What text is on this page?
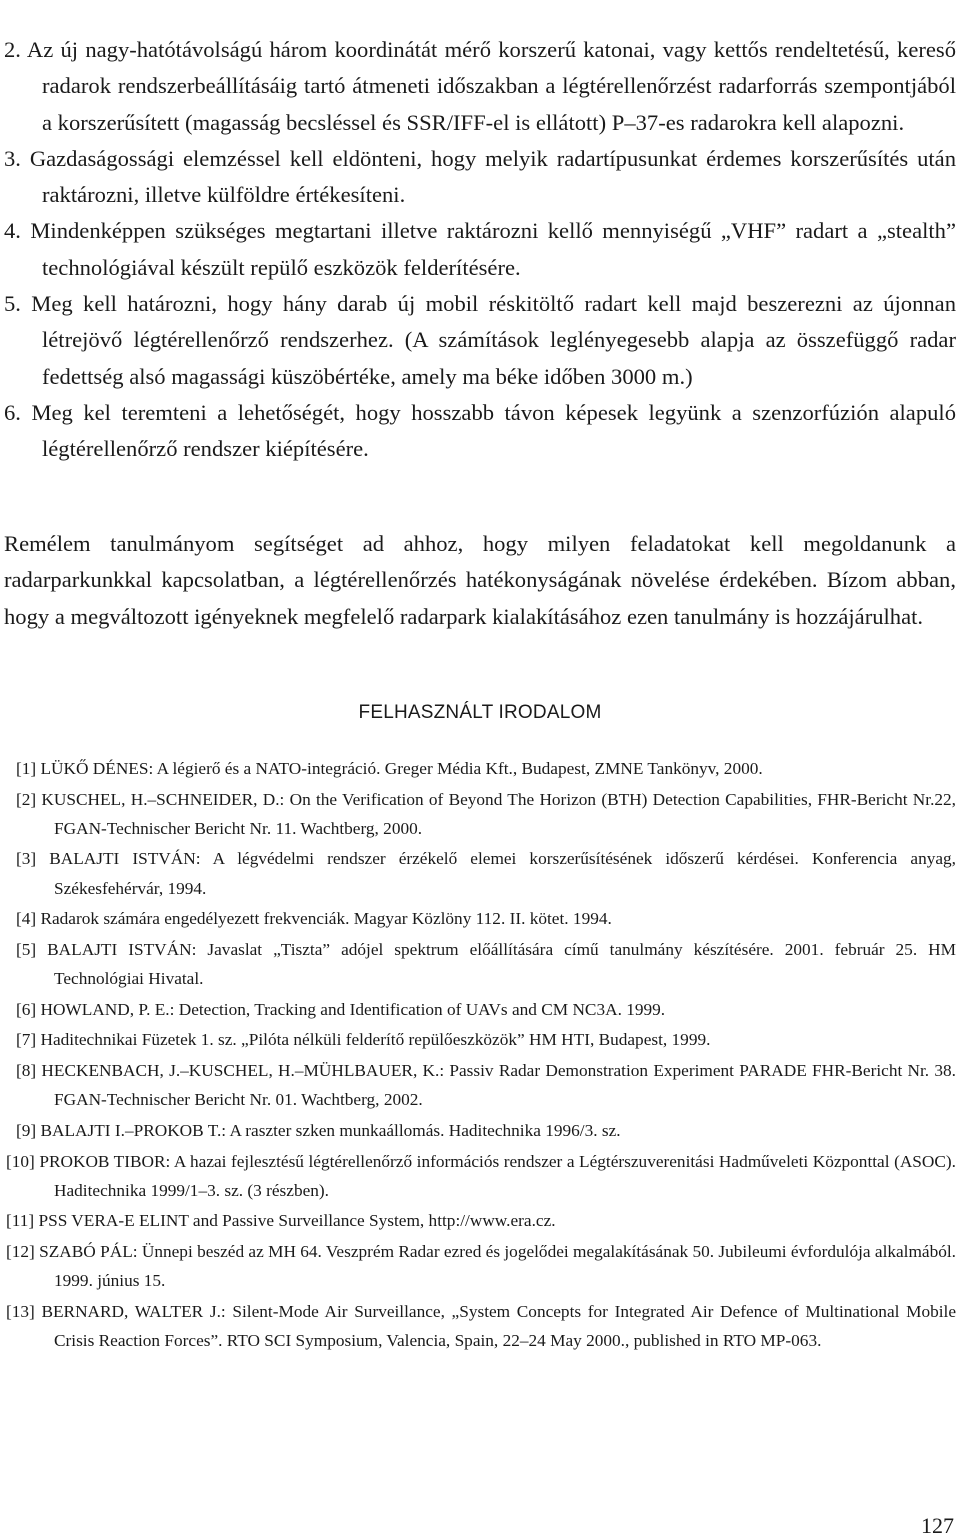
2. Az új nagy-hatótávolságú három koordinátát mérő korszerű katonai, vagy kettős rendeltetésű, kereső radarok rendszerbeállításáig tartó átmeneti időszakban a légtérellenőrzést radarforrás szempontjából a korszerűsített (magasság becsléssel és SSR/IFF-el is ellátott) P–37-es radarokra kell alapozni.

3. Gazdaságossági elemzéssel kell eldönteni, hogy melyik radartípusunkat érdemes korszerűsítés után raktározni, illetve külföldre értékesíteni.

4. Mindenképpen szükséges megtartani illetve raktározni kellő mennyiségű „VHF” radart a „stealth” technológiával készült repülő eszközök felderítésére.

5. Meg kell határozni, hogy hány darab új mobil réskitöltő radart kell majd beszerezni az újonnan létrejövő légtérellenőrző rendszerhez. (A számítások leglényegesebb alapja az összefüggő radar fedettség alsó magassági küszöbértéke, amely ma béke időben 3000 m.)

6. Meg kel teremteni a lehetőségét, hogy hosszabb távon képesek legyünk a szenzorfúzión alapuló légtérellenőrző rendszer kiépítésére.

Remélem tanulmányom segítséget ad ahhoz, hogy milyen feladatokat kell megoldanunk a radarparkunkkal kapcsolatban, a légtérellenőrzés hatékonyságának növelése érdekében. Bízom abban, hogy a megváltozott igényeknek megfelelő radarpark kialakításához ezen tanulmány is hozzájárulhat.

FELHASZNÁLT IRODALOM

[1] LÜKŐ DÉNES: A légierő és a NATO-integráció. Greger Média Kft., Budapest, ZMNE Tankönyv, 2000.

[2] KUSCHEL, H.–SCHNEIDER, D.: On the Verification of Beyond The Horizon (BTH) Detection Capabilities, FHR-Bericht Nr.22, FGAN-Technischer Bericht Nr. 11. Wachtberg, 2000.

[3] BALAJTI ISTVÁN: A légvédelmi rendszer érzékelő elemei korszerűsítésének időszerű kérdései. Konferencia anyag, Székesfehérvár, 1994.

[4] Radarok számára engedélyezett frekvenciák. Magyar Közlöny 112. II. kötet. 1994.

[5] BALAJTI ISTVÁN: Javaslat „Tiszta” adójel spektrum előállítására című tanulmány készítésére. 2001. február 25. HM Technológiai Hivatal.

[6] HOWLAND, P. E.: Detection, Tracking and Identification of UAVs and CM NC3A. 1999.

[7] Haditechnikai Füzetek 1. sz. „Pilóta nélküli felderítő repülőeszközök” HM HTI, Budapest, 1999.

[8] HECKENBACH, J.–KUSCHEL, H.–MÜHLBAUER, K.: Passiv Radar Demonstration Experiment PARADE FHR-Bericht Nr. 38. FGAN-Technischer Bericht Nr. 01. Wachtberg, 2002.

[9] BALAJTI I.–PROKOB T.: A raszter szken munkaállomás. Haditechnika 1996/3. sz.

[10] PROKOB TIBOR: A hazai fejlesztésű légtérellenőrző információs rendszer a Légtérszuverenitási Hadműveleti Központtal (ASOC). Haditechnika 1999/1–3. sz. (3 részben).

[11] PSS VERA-E ELINT and Passive Surveillance System, http://www.era.cz.

[12] SZABÓ PÁL: Ünnepi beszéd az MH 64. Veszprém Radar ezred és jogelődei megalakításának 50. Jubileumi évfordulója alkalmából. 1999. június 15.

[13] BERNARD, WALTER J.: Silent-Mode Air Surveillance, „System Concepts for Integrated Air Defence of Multinational Mobile Crisis Reaction Forces”. RTO SCI Symposium, Valencia, Spain, 22–24 May 2000., published in RTO MP-063.

127
